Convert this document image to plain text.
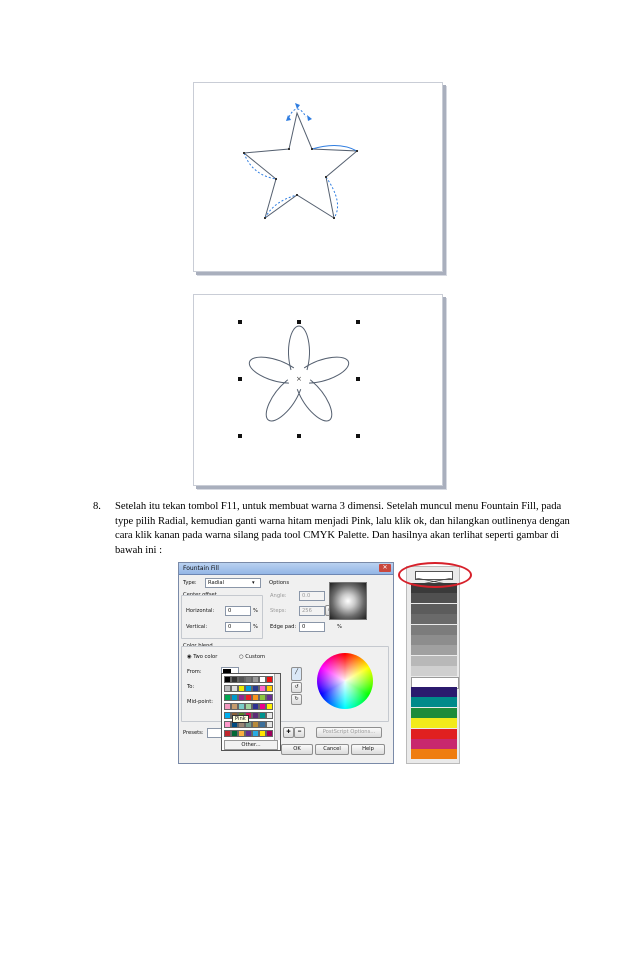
×
8. Setelah itu tekan tombol F11, untuk membuat warna 3 dimensi. Setelah muncul menu Fountain Fill, pada
type pilih Radial, kemudian ganti warna hitam menjadi Pink, lalu klik ok, dan hilangkan outlinenya dengan
cara klik kanan pada warna silang pada tool CMYK Palette. Dan hasilnya akan terlihat seperti gambar di
bawah ini :
Fountain Fill	✕
Type: Radial	▾
Center offset
Horizontal:	0	%
Vertical:	0	%
Options
Angle:	0.0
Steps:	256
Edge pad: 0	%
Color blend
◉ Two color	○ Custom
From:
To:
Mid-point:
╱
↺
↻
Presets:	✚	━	PostScript Options...
OK	Cancel	Help
Other...
Pink
